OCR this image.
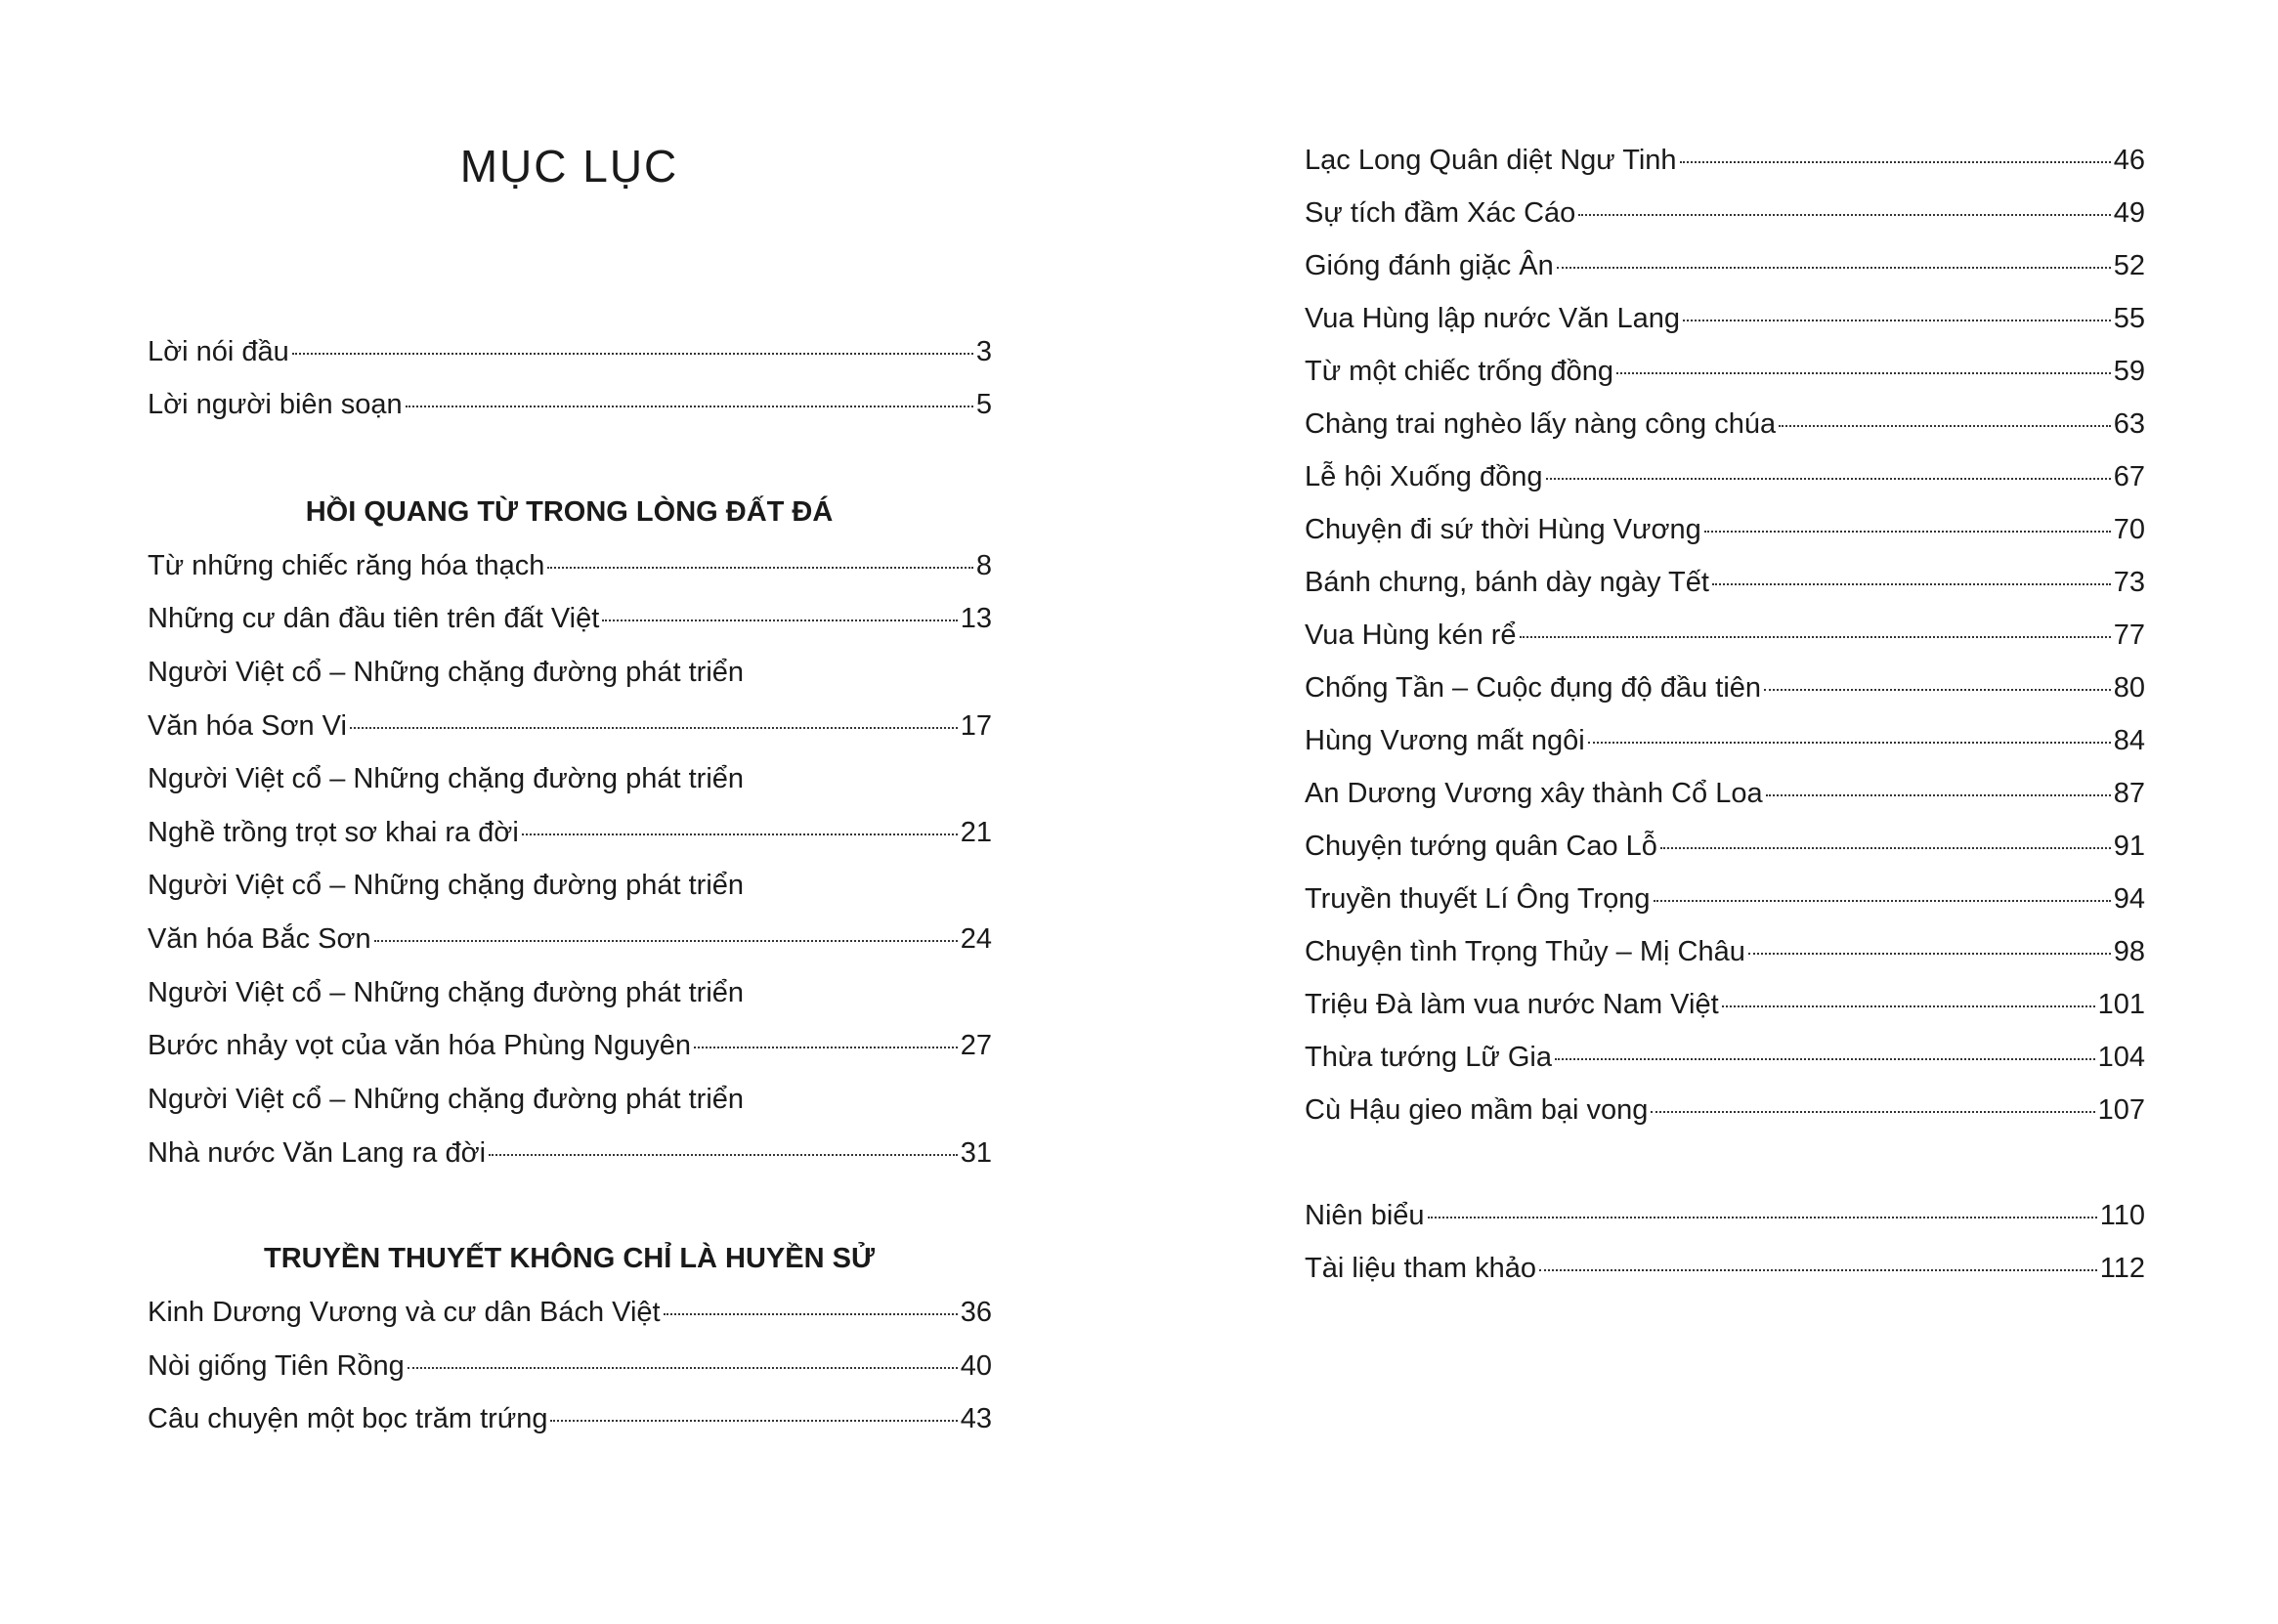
MỤC LỤC
Lời nói đầu	3
Lời người biên soạn	5
HỒI QUANG TỪ TRONG LÒNG ĐẤT ĐÁ
Từ những chiếc răng hóa thạch	8
Những cư dân đầu tiên trên đất Việt	13
Người Việt cổ – Những chặng đường phát triển
Văn hóa Sơn Vi	17
Người Việt cổ – Những chặng đường phát triển
Nghề trồng trọt sơ khai ra đời	21
Người Việt cổ – Những chặng đường phát triển
Văn hóa Bắc Sơn	24
Người Việt cổ – Những chặng đường phát triển
Bước nhảy vọt của văn hóa Phùng Nguyên	27
Người Việt cổ – Những chặng đường phát triển
Nhà nước Văn Lang ra đời	31
TRUYỀN THUYẾT KHÔNG CHỈ LÀ HUYỀN SỬ
Kinh Dương Vương và cư dân Bách Việt	36
Nòi giống Tiên Rồng	40
Câu chuyện một bọc trăm trứng	43
Lạc Long Quân diệt Ngư Tinh	46
Sự tích đầm Xác Cáo	49
Gióng đánh giặc Ân	52
Vua Hùng lập nước Văn Lang	55
Từ một chiếc trống đồng	59
Chàng trai nghèo lấy nàng công chúa	63
Lễ hội Xuống đồng	67
Chuyện đi sứ thời Hùng Vương	70
Bánh chưng, bánh dày ngày Tết	73
Vua Hùng kén rể	77
Chống Tần – Cuộc đụng độ đầu tiên	80
Hùng Vương mất ngôi	84
An Dương Vương xây thành Cổ Loa	87
Chuyện tướng quân Cao Lỗ	91
Truyền thuyết Lí Ông Trọng	94
Chuyện tình Trọng Thủy – Mị Châu	98
Triệu Đà làm vua nước Nam Việt	101
Thừa tướng Lữ Gia	104
Cù Hậu gieo mầm bại vong	107
Niên biểu	110
Tài liệu tham khảo	112
